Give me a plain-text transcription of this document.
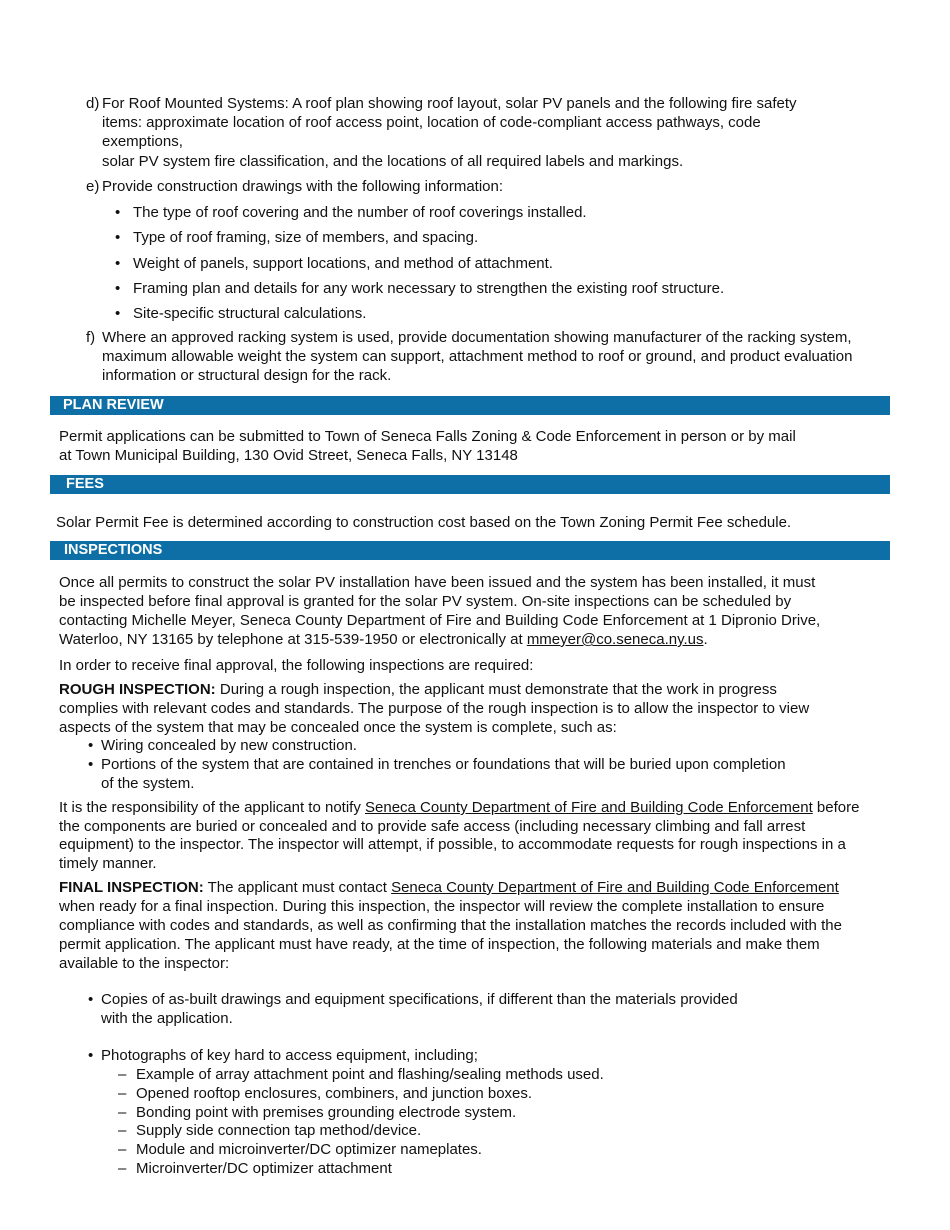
d) For Roof Mounted Systems: A roof plan showing roof layout, solar PV panels and the following fire safety
items: approximate location of roof access point, location of code-compliant access pathways, code
exemptions,
solar PV system fire classification, and the locations of all required labels and markings.
e) Provide construction drawings with the following information:
• The type of roof covering and the number of roof coverings installed.
• Type of roof framing, size of members, and spacing.
• Weight of panels, support locations, and method of attachment.
• Framing plan and details for any work necessary to strengthen the existing roof structure.
• Site-specific structural calculations.
f) Where an approved racking system is used, provide documentation showing manufacturer of the racking system,
maximum allowable weight the system can support, attachment method to roof or ground, and product evaluation
information or structural design for the rack.
PLAN REVIEW
Permit applications can be submitted to Town of Seneca Falls Zoning & Code Enforcement in person or by mail
at Town Municipal Building, 130 Ovid Street, Seneca Falls, NY 13148
FEES
Solar Permit Fee is determined according to construction cost based on the Town Zoning Permit Fee schedule.
INSPECTIONS
Once all permits to construct the solar PV installation have been issued and the system has been installed, it must
be inspected before final approval is granted for the solar PV system. On-site inspections can be scheduled by
contacting Michelle Meyer, Seneca County Department of Fire and Building Code Enforcement at 1 Dipronio Drive,
Waterloo, NY 13165 by telephone at 315-539-1950 or electronically at mmeyer@co.seneca.ny.us.
In order to receive final approval, the following inspections are required:
ROUGH INSPECTION: During a rough inspection, the applicant must demonstrate that the work in progress
complies with relevant codes and standards. The purpose of the rough inspection is to allow the inspector to view
aspects of the system that may be concealed once the system is complete, such as:
• Wiring concealed by new construction.
• Portions of the system that are contained in trenches or foundations that will be buried upon completion
of the system.
It is the responsibility of the applicant to notify Seneca County Department of Fire and Building Code Enforcement before
the components are buried or concealed and to provide safe access (including necessary climbing and fall arrest
equipment) to the inspector. The inspector will attempt, if possible, to accommodate requests for rough inspections in a
timely manner.
FINAL INSPECTION: The applicant must contact Seneca County Department of Fire and Building Code Enforcement
when ready for a final inspection. During this inspection, the inspector will review the complete installation to ensure
compliance with codes and standards, as well as confirming that the installation matches the records included with the
permit application. The applicant must have ready, at the time of inspection, the following materials and make them
available to the inspector:
• Copies of as-built drawings and equipment specifications, if different than the materials provided
with the application.
• Photographs of key hard to access equipment, including;
– Example of array attachment point and flashing/sealing methods used.
– Opened rooftop enclosures, combiners, and junction boxes.
– Bonding point with premises grounding electrode system.
– Supply side connection tap method/device.
– Module and microinverter/DC optimizer nameplates.
– Microinverter/DC optimizer attachment
